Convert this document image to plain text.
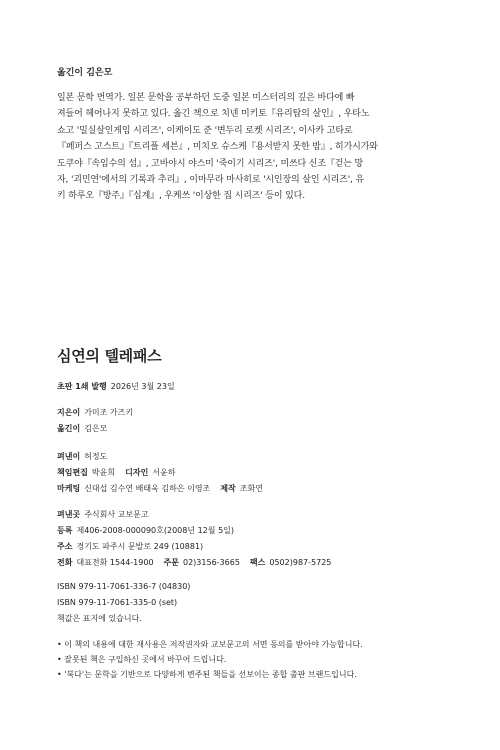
옮긴이 김은모

일본 문학 번역가. 일본 문학을 공부하던 도중 일본 미스터리의 깊은 바다에 빠

져들어 헤어나지 못하고 있다. 옮긴 책으로 치넨 미키토『유리탑의 살인』, 우타노

쇼고 '밀실살인게임 시리즈', 이케이도 준 '변두리 로켓 시리즈', 이사카 고타로

『페퍼스 고스트』『트리플 세븐』, 미치오 슈스케『용서받지 못한 밤』, 히가시가와

도쿠야『속임수의 섬』, 고바야시 야스미 '죽이기 시리즈', 미쓰다 신조『걷는 망

자, '괴민연'에서의 기록과 추리』, 이마무라 마사히로 '시인장의 살인 시리즈', 유

키 하루오『방주』『십계』, 우케쓰 '이상한 집 시리즈' 등이 있다.

심연의 텔레패스
초판 1쇄 발행 2026년 3월 23일
지은이 가미조 가즈키
옮긴이 김은모
펴낸이 허정도
책임편집 박윤희 디자인 서윤하
마케팅 신대섭 김수연 배태욱 김하은 이영조 제작 조화연
펴낸곳 주식회사 교보문고
등록 제406-2008-000090호(2008년 12월 5일)
주소 경기도 파주시 문발로 249 (10881)
전화 대표전화 1544-1900 주문 02)3156-3665 팩스 0502)987-5725
ISBN 979-11-7061-336-7 (04830)
ISBN 979-11-7061-335-0 (set)
책값은 표지에 있습니다.
• 이 책의 내용에 대한 재사용은 저작권자와 교보문고의 서면 동의를 받아야 가능합니다.
• 잘못된 책은 구입하신 곳에서 바꾸어 드립니다.
• '북다'는 문학을 기반으로 다양하게 변주된 책들을 선보이는 종합 출판 브랜드입니다.
